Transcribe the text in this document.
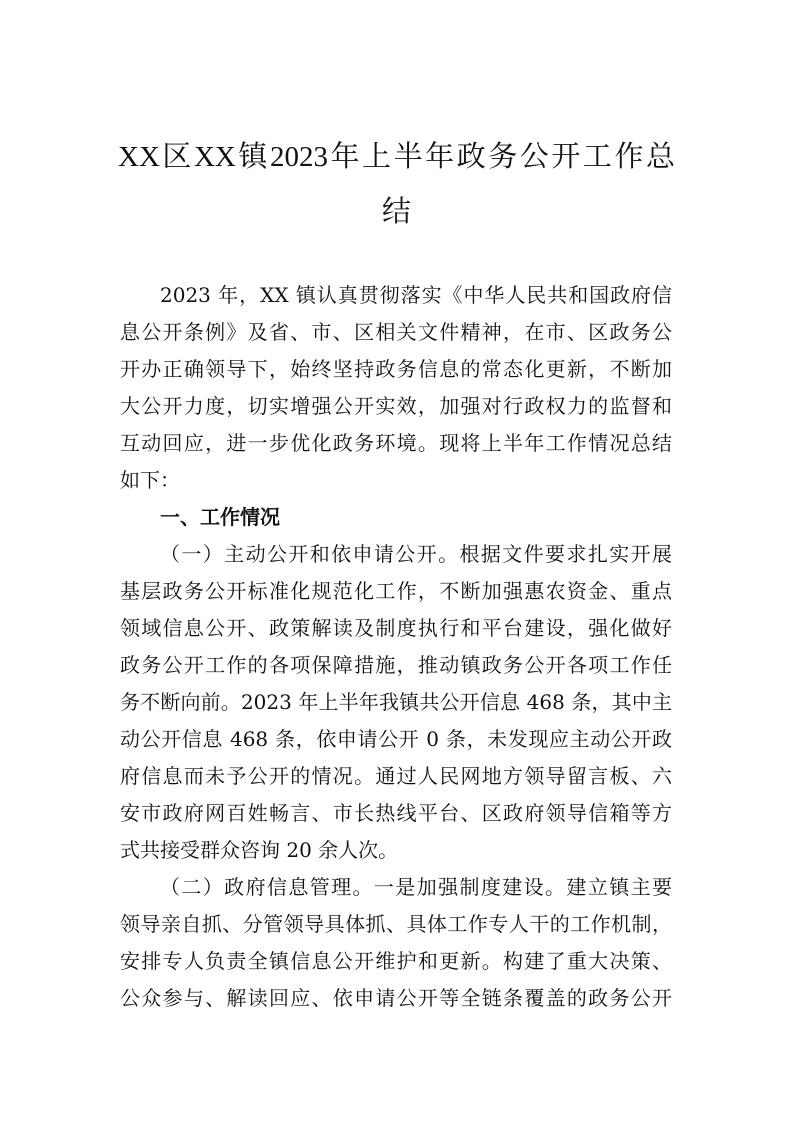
XX区XX镇2023年上半年政务公开工作总
结
2023 年，XX 镇认真贯彻落实《中华人民共和国政府信
息公开条例》及省、市、区相关文件精神，在市、区政务公
开办正确领导下，始终坚持政务信息的常态化更新，不断加
大公开力度，切实增强公开实效，加强对行政权力的监督和
互动回应，进一步优化政务环境。现将上半年工作情况总结
如下：
一、工作情况
（一）主动公开和依申请公开。根据文件要求扎实开展
基层政务公开标准化规范化工作，不断加强惠农资金、重点
领域信息公开、政策解读及制度执行和平台建设，强化做好
政务公开工作的各项保障措施，推动镇政务公开各项工作任
务不断向前。2023 年上半年我镇共公开信息 468 条，其中主
动公开信息 468 条，依申请公开 0 条，未发现应主动公开政
府信息而未予公开的情况。通过人民网地方领导留言板、六
安市政府网百姓畅言、市长热线平台、区政府领导信箱等方
式共接受群众咨询 20 余人次。
（二）政府信息管理。一是加强制度建设。建立镇主要
领导亲自抓、分管领导具体抓、具体工作专人干的工作机制，
安排专人负责全镇信息公开维护和更新。构建了重大决策、
公众参与、解读回应、依申请公开等全链条覆盖的政务公开
